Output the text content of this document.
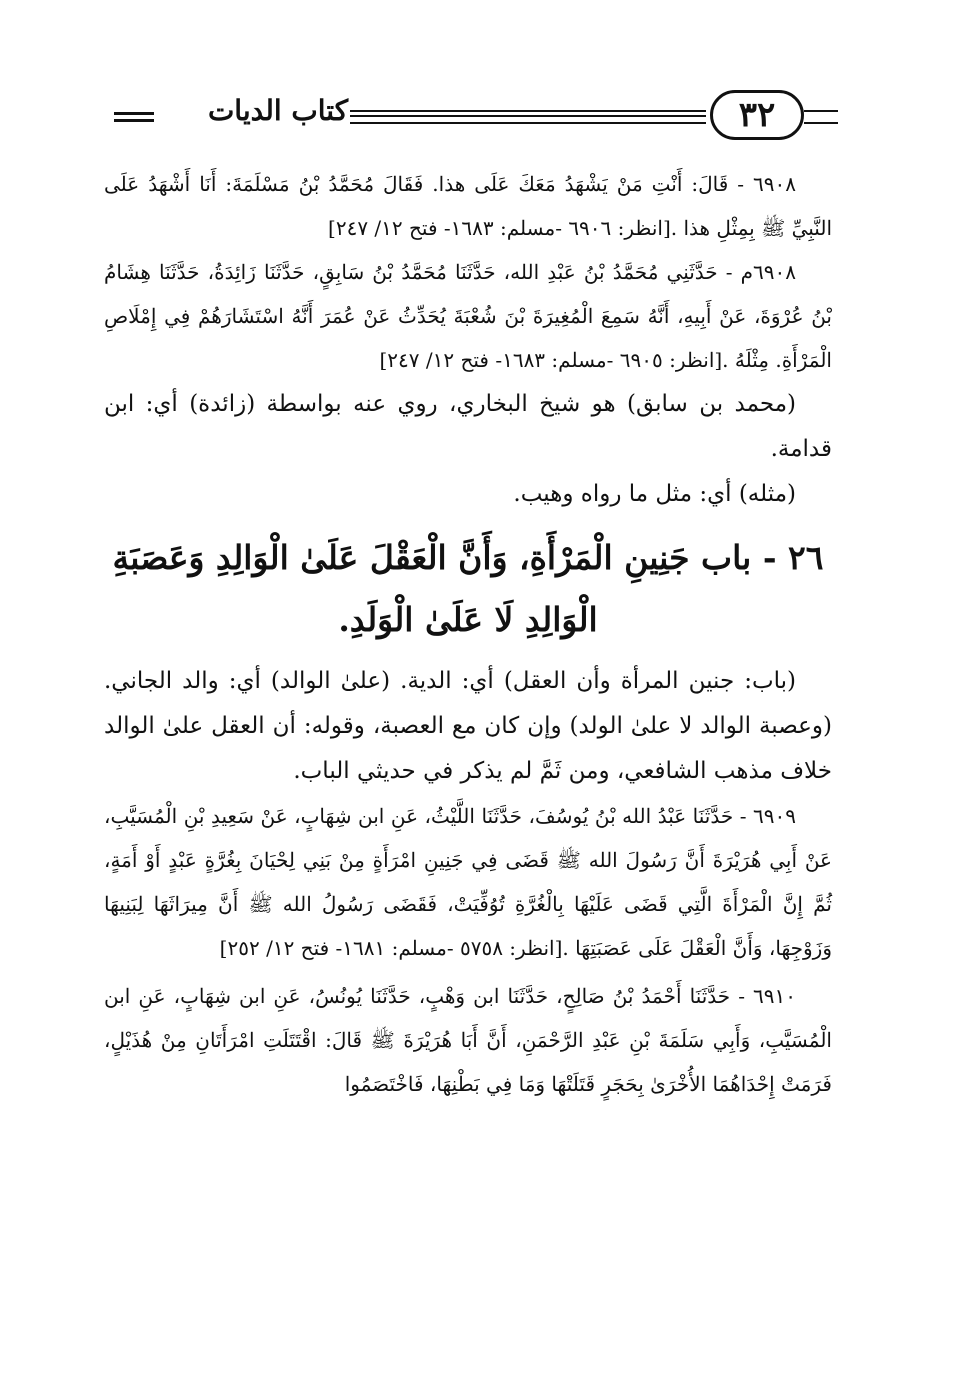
كتاب الديات	٣٢

٦٩٠٨ - قَالَ: أَنْتِ مَنْ يَشْهَدُ مَعَكَ عَلَى هذا. فَقَالَ مُحَمَّدُ بْنُ مَسْلَمَةَ: أَنَا أَشْهَدُ عَلَى النَّبِيِّ ﷺ بِمِثْلِ هذا .[انظر: ٦٩٠٦ -مسلم: ١٦٨٣- فتح ١٢/ ٢٤٧]

٦٩٠٨م - حَدَّثَنِي مُحَمَّدُ بْنُ عَبْدِ الله، حَدَّثَنَا مُحَمَّدُ بْنُ سَابِقٍ، حَدَّثَنَا زَائِدَةُ، حَدَّثَنَا هِشَامُ بْنُ عُرْوَةَ، عَنْ أَبِيهِ، أَنَّهُ سَمِعَ الْمُغِيرَةَ بْنَ شُعْبَةَ يُحَدِّثُ عَنْ عُمَرَ أَنَّهُ اسْتَشَارَهُمْ فِي إِمْلَاصِ الْمَرْأَةِ. مِثْلَهُ .[انظر: ٦٩٠٥ -مسلم: ١٦٨٣- فتح ١٢/ ٢٤٧]

(محمد بن سابق) هو شيخ البخاري، روي عنه بواسطة (زائدة) أي: ابن قدامة.

(مثله) أي: مثل ما رواه وهيب.

٢٦ - باب جَنِينِ الْمَرْأَةِ، وَأَنَّ الْعَقْلَ عَلَىٰ الْوَالِدِ وَعَصَبَةِ الْوَالِدِ لَا عَلَىٰ الْوَلَدِ.

(باب: جنين المرأة وأن العقل) أي: الدية. (علىٰ الوالد) أي: والد الجاني. (وعصبة الوالد لا علىٰ الولد) وإن كان مع العصبة، وقوله: أن العقل علىٰ الوالد خلاف مذهب الشافعي، ومن ثَمَّ لم يذكر في حديثي الباب.

٦٩٠٩ - حَدَّثَنَا عَبْدُ الله بْنُ يُوسُفَ، حَدَّثَنَا اللَّيْثُ، عَنِ ابن شِهَابٍ، عَنْ سَعِيدِ بْنِ الْمُسَيَّبِ، عَنْ أَبِي هُرَيْرَةَ أَنَّ رَسُولَ الله ﷺ قَضَى فِي جَنِينِ امْرَأَةٍ مِنْ بَنِي لِحْيَانَ بِغُرَّةٍ عَبْدٍ أَوْ أَمَةٍ، ثُمَّ إِنَّ الْمَرْأَةَ الَّتِي قَضَى عَلَيْهَا بِالْغُرَّةِ تُوُفِّيَتْ، فَقَضَى رَسُولُ الله ﷺ أَنَّ مِيرَاثَهَا لِبَنِيهَا وَزَوْجِهَا، وَأَنَّ الْعَقْلَ عَلَى عَصَبَتِهَا .[انظر: ٥٧٥٨ -مسلم: ١٦٨١- فتح ١٢/ ٢٥٢]

٦٩١٠ - حَدَّثَنَا أَحْمَدُ بْنُ صَالِحٍ، حَدَّثَنَا ابن وَهْبٍ، حَدَّثَنَا يُونُسُ، عَنِ ابن شِهَابٍ، عَنِ ابن الْمُسَيَّبِ، وَأَبِي سَلَمَةَ بْنِ عَبْدِ الرَّحْمَنِ، أَنَّ أَبَا هُرَيْرَةَ ﷺ قَالَ: اقْتَتَلَتِ امْرَأَتَانِ مِنْ هُذَيْلٍ، فَرَمَتْ إِحْدَاهُمَا الأُخْرَىٰ بِحَجَرٍ قَتَلَتْهَا وَمَا فِي بَطْنِهَا، فَاخْتَصَمُوا
